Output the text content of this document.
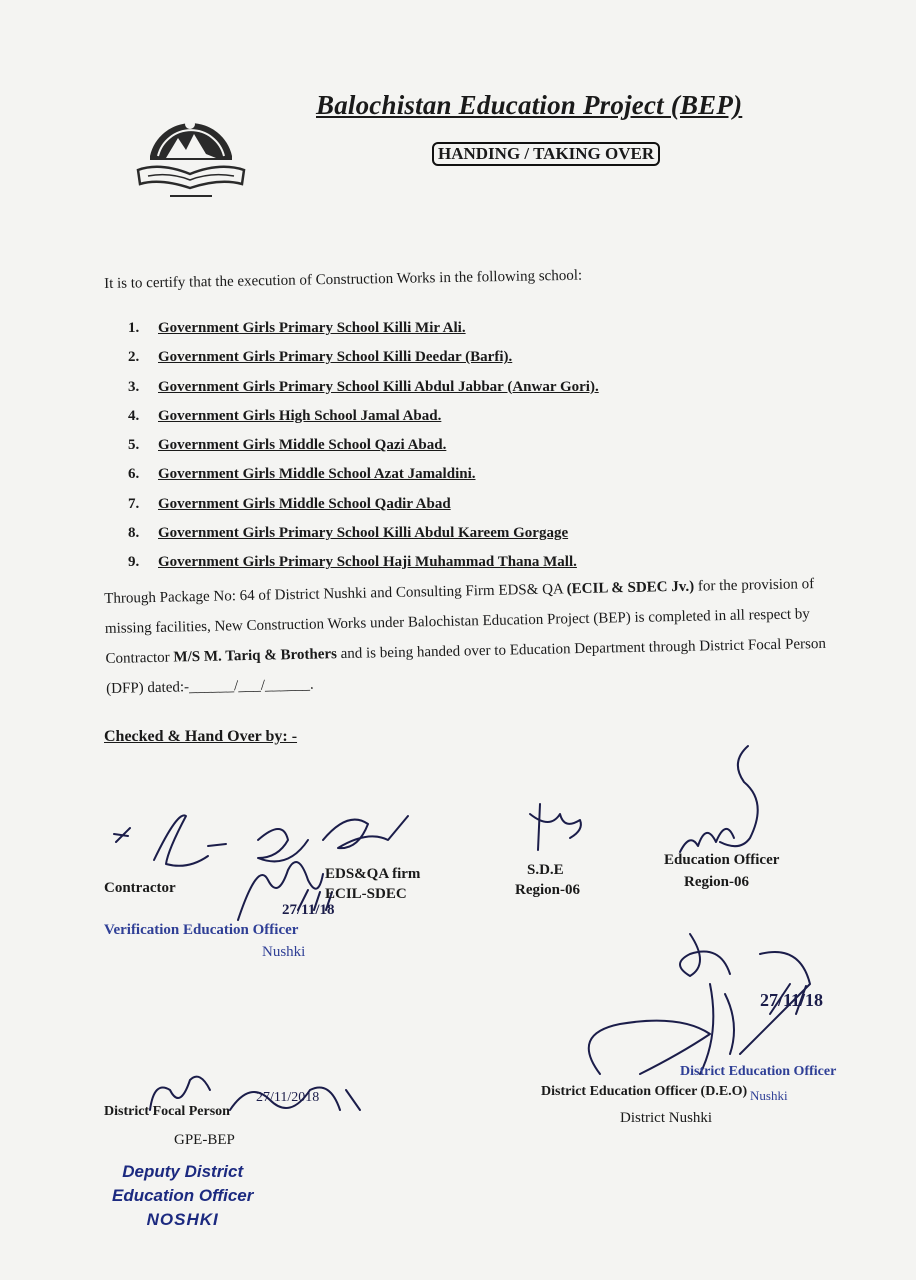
Balochistan Education Project (BEP)
HANDING / TAKING OVER
It is to certify that the execution of Construction Works in the following school:
1.	Government Girls Primary School Killi Mir Ali.
2.	Government Girls Primary School Killi Deedar (Barfi).
3.	Government Girls Primary School Killi Abdul Jabbar (Anwar Gori).
4.	Government Girls High School Jamal Abad.
5.	Government Girls Middle School Qazi Abad.
6.	Government Girls Middle School Azat Jamaldini.
7.	Government Girls Middle School Qadir Abad
8.	Government Girls Primary School Killi Abdul Kareem Gorgage
9.	Government Girls Primary School Haji Muhammad Thana Mall.
Through Package No: 64 of District Nushki and Consulting Firm EDS& QA (ECIL & SDEC Jv.) for the provision of missing facilities, New Construction Works under Balochistan Education Project (BEP) is completed in all respect by Contractor M/S M. Tariq & Brothers and is being handed over to Education Department through District Focal Person (DFP) dated:-______/___/______.
Checked & Hand Over by: -
Contractor
EDS&QA firm
ECIL-SDEC
S.D.E
Region-06
Education Officer
Region-06
Verification Education Officer
Nushki
27/11/18
District Education Officer
Nushki
27/11/18
District Education Officer (D.E.O)
District Nushki
District Focal Person
27/11/2018
GPE-BEP
Deputy District
Education Officer
NOSHKI
